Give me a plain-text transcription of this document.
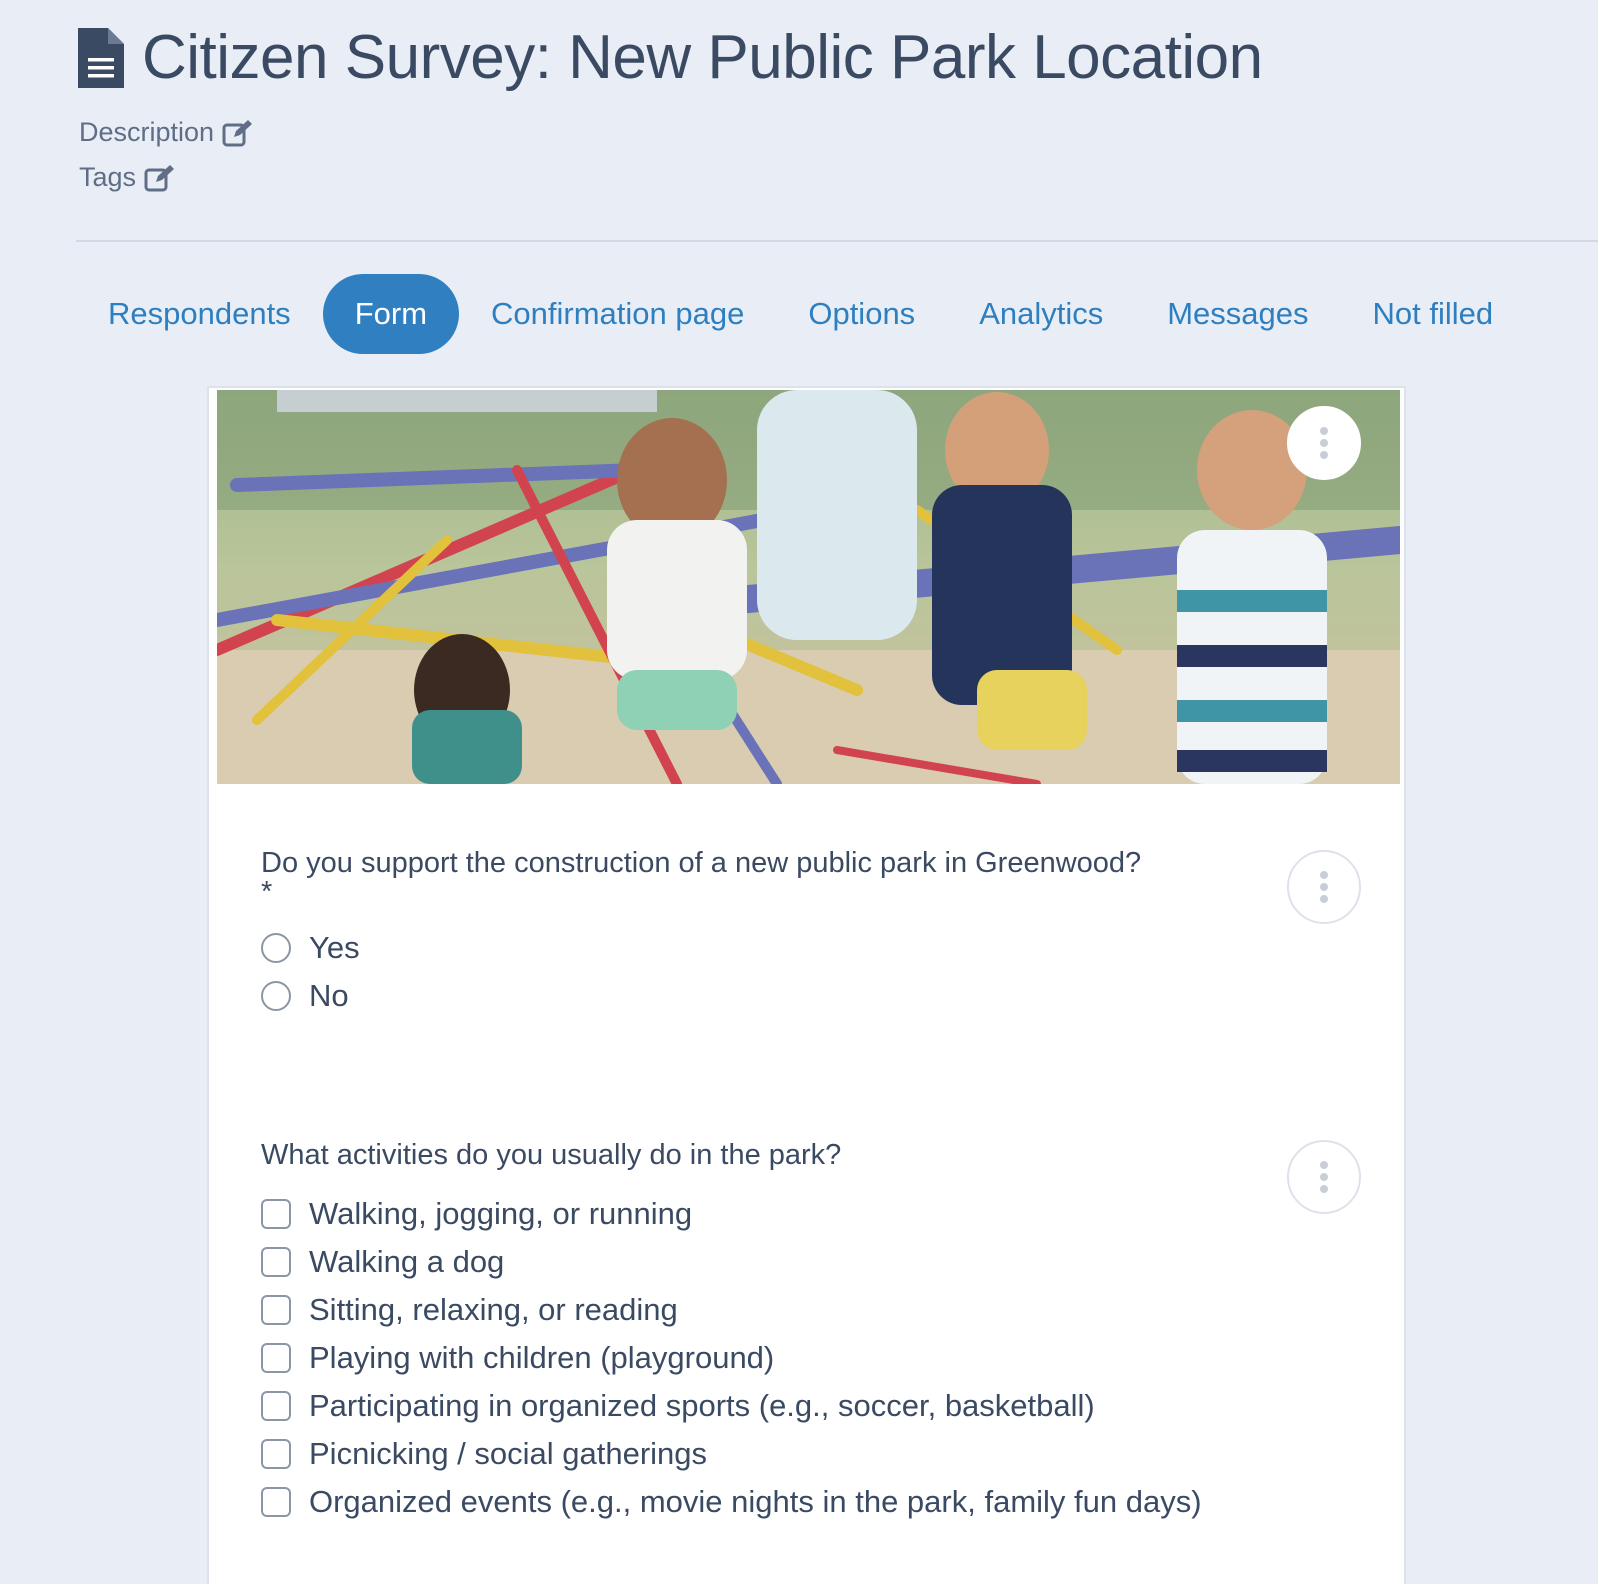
Citizen Survey: New Public Park Location
Description
Tags
Respondents	Form	Confirmation page	Options	Analytics	Messages	Not filled
Do you support the construction of a new public park in Greenwood?
*
Yes
No
What activities do you usually do in the park?
Walking, jogging, or running
Walking a dog
Sitting, relaxing, or reading
Playing with children (playground)
Participating in organized sports (e.g., soccer, basketball)
Picnicking / social gatherings
Organized events (e.g., movie nights in the park, family fun days)
